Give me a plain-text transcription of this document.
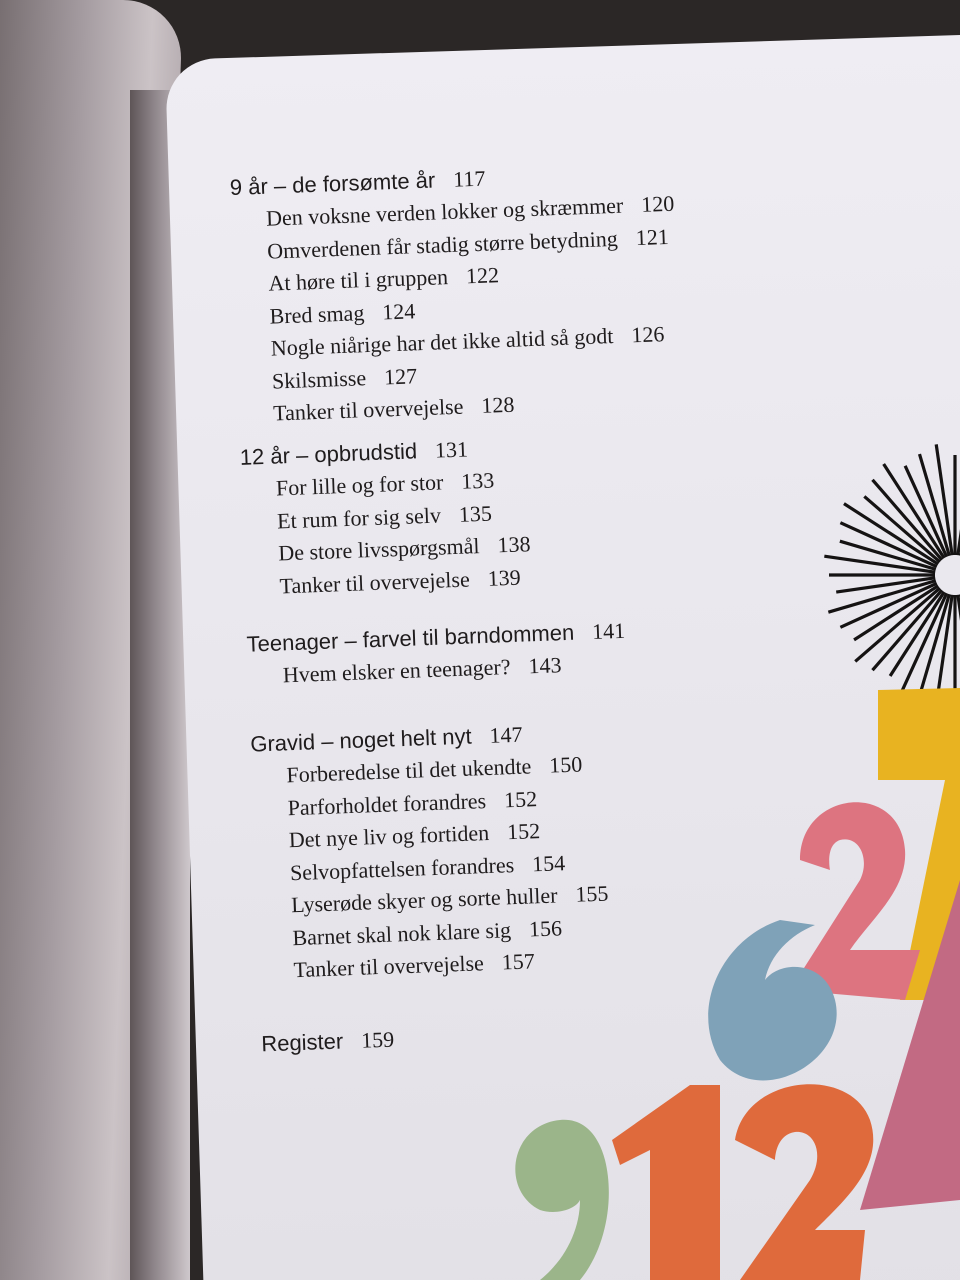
9 år – de forsømte år 117
Den voksne verden lokker og skræmmer 120
Omverdenen får stadig større betydning 121
At høre til i gruppen 122
Bred smag 124
Nogle niårige har det ikke altid så godt 126
Skilsmisse 127
Tanker til overvejelse 128
12 år – opbrudstid 131
For lille og for stor 133
Et rum for sig selv 135
De store livsspørgsmål 138
Tanker til overvejelse 139
Teenager – farvel til barndommen 141
Hvem elsker en teenager? 143
Gravid – noget helt nyt 147
Forberedelse til det ukendte 150
Parforholdet forandres 152
Det nye liv og fortiden 152
Selvopfattelsen forandres 154
Lyserøde skyer og sorte huller 155
Barnet skal nok klare sig 156
Tanker til overvejelse 157
Register 159
